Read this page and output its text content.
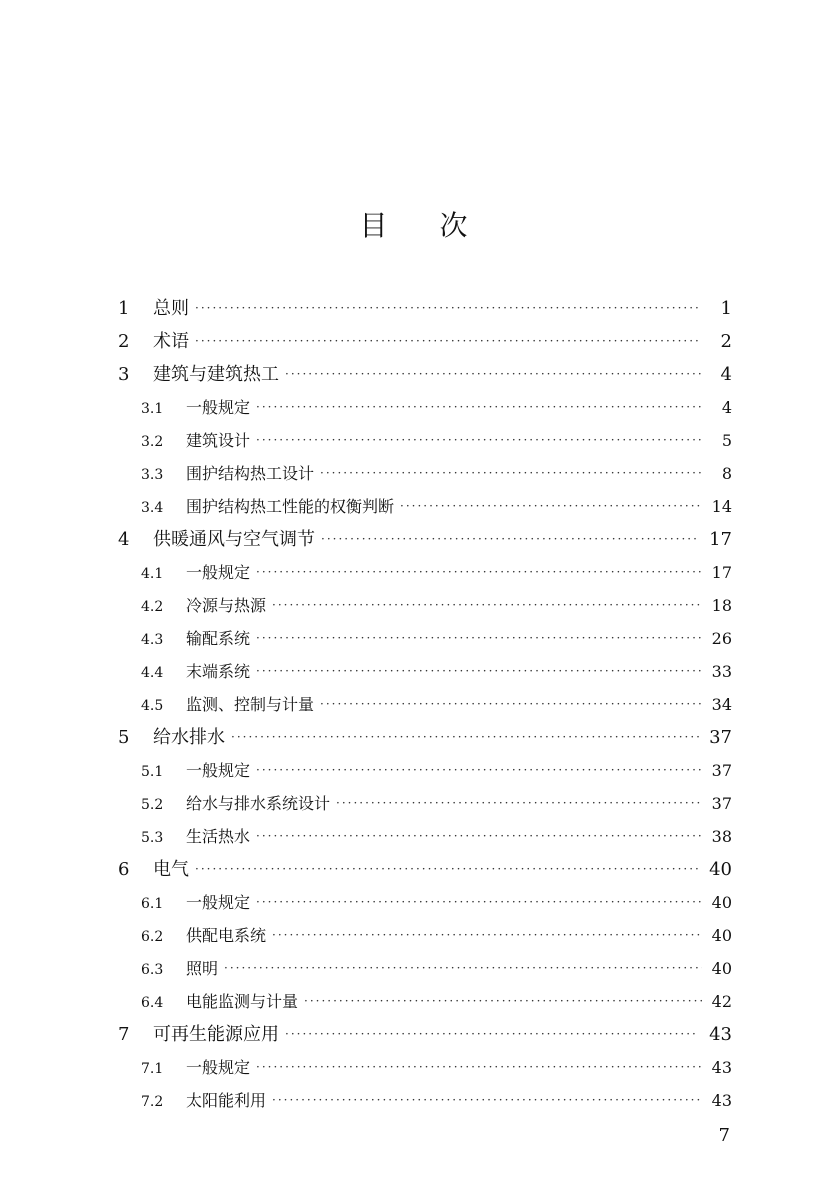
目次
1	总则 ·····	1
2	术语 ·····	2
3	建筑与建筑热工 ·····	4
3.1	一般规定 ·····	4
3.2	建筑设计 ·····	5
3.3	围护结构热工设计 ·····	8
3.4	围护结构热工性能的权衡判断 ·····	14
4	供暖通风与空气调节 ·····	17
4.1	一般规定 ·····	17
4.2	冷源与热源 ·····	18
4.3	输配系统 ·····	26
4.4	末端系统 ·····	33
4.5	监测、控制与计量 ·····	34
5	给水排水 ·····	37
5.1	一般规定 ·····	37
5.2	给水与排水系统设计 ·····	37
5.3	生活热水 ·····	38
6	电气 ·····	40
6.1	一般规定 ·····	40
6.2	供配电系统 ·····	40
6.3	照明 ·····	40
6.4	电能监测与计量 ·····	42
7	可再生能源应用 ·····	43
7.1	一般规定 ·····	43
7.2	太阳能利用 ·····	43
7
